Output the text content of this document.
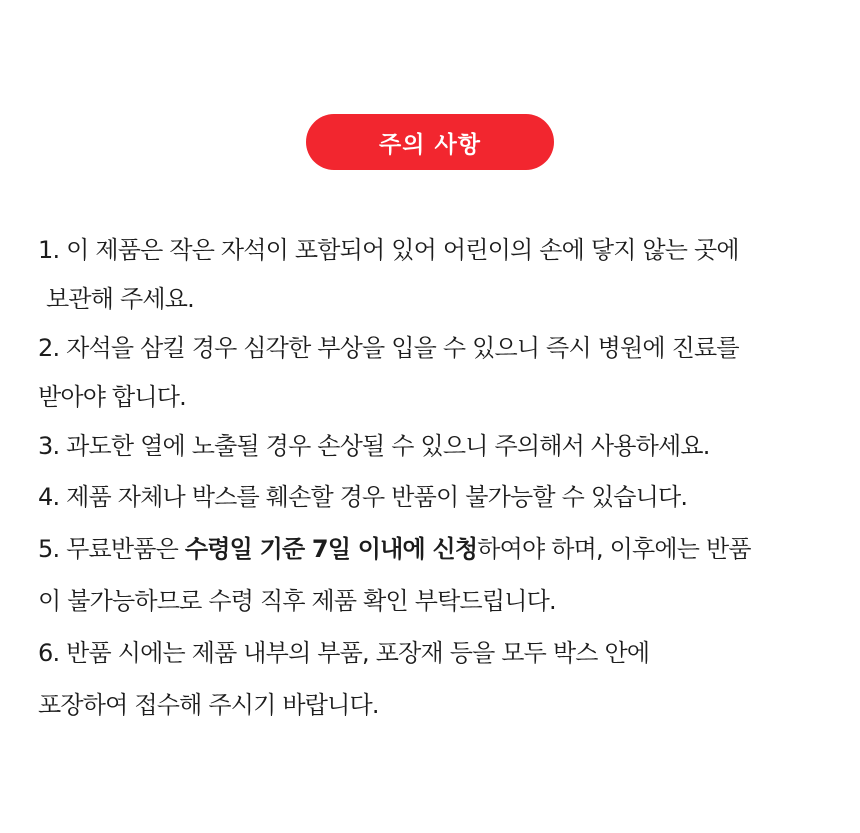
주의 사항
1. 이 제품은 작은 자석이 포함되어 있어 어린이의 손에 닿지 않는 곳에
보관해 주세요.
2. 자석을 삼킬 경우 심각한 부상을 입을 수 있으니 즉시 병원에 진료를
받아야 합니다.
3. 과도한 열에 노출될 경우 손상될 수 있으니 주의해서 사용하세요.
4. 제품 자체나 박스를 훼손할 경우 반품이 불가능할 수 있습니다.
5. 무료반품은 수령일 기준 7일 이내에 신청하여야 하며, 이후에는 반품
이 불가능하므로 수령 직후 제품 확인 부탁드립니다.
6. 반품 시에는 제품 내부의 부품, 포장재 등을 모두 박스 안에
포장하여 접수해 주시기 바랍니다.
